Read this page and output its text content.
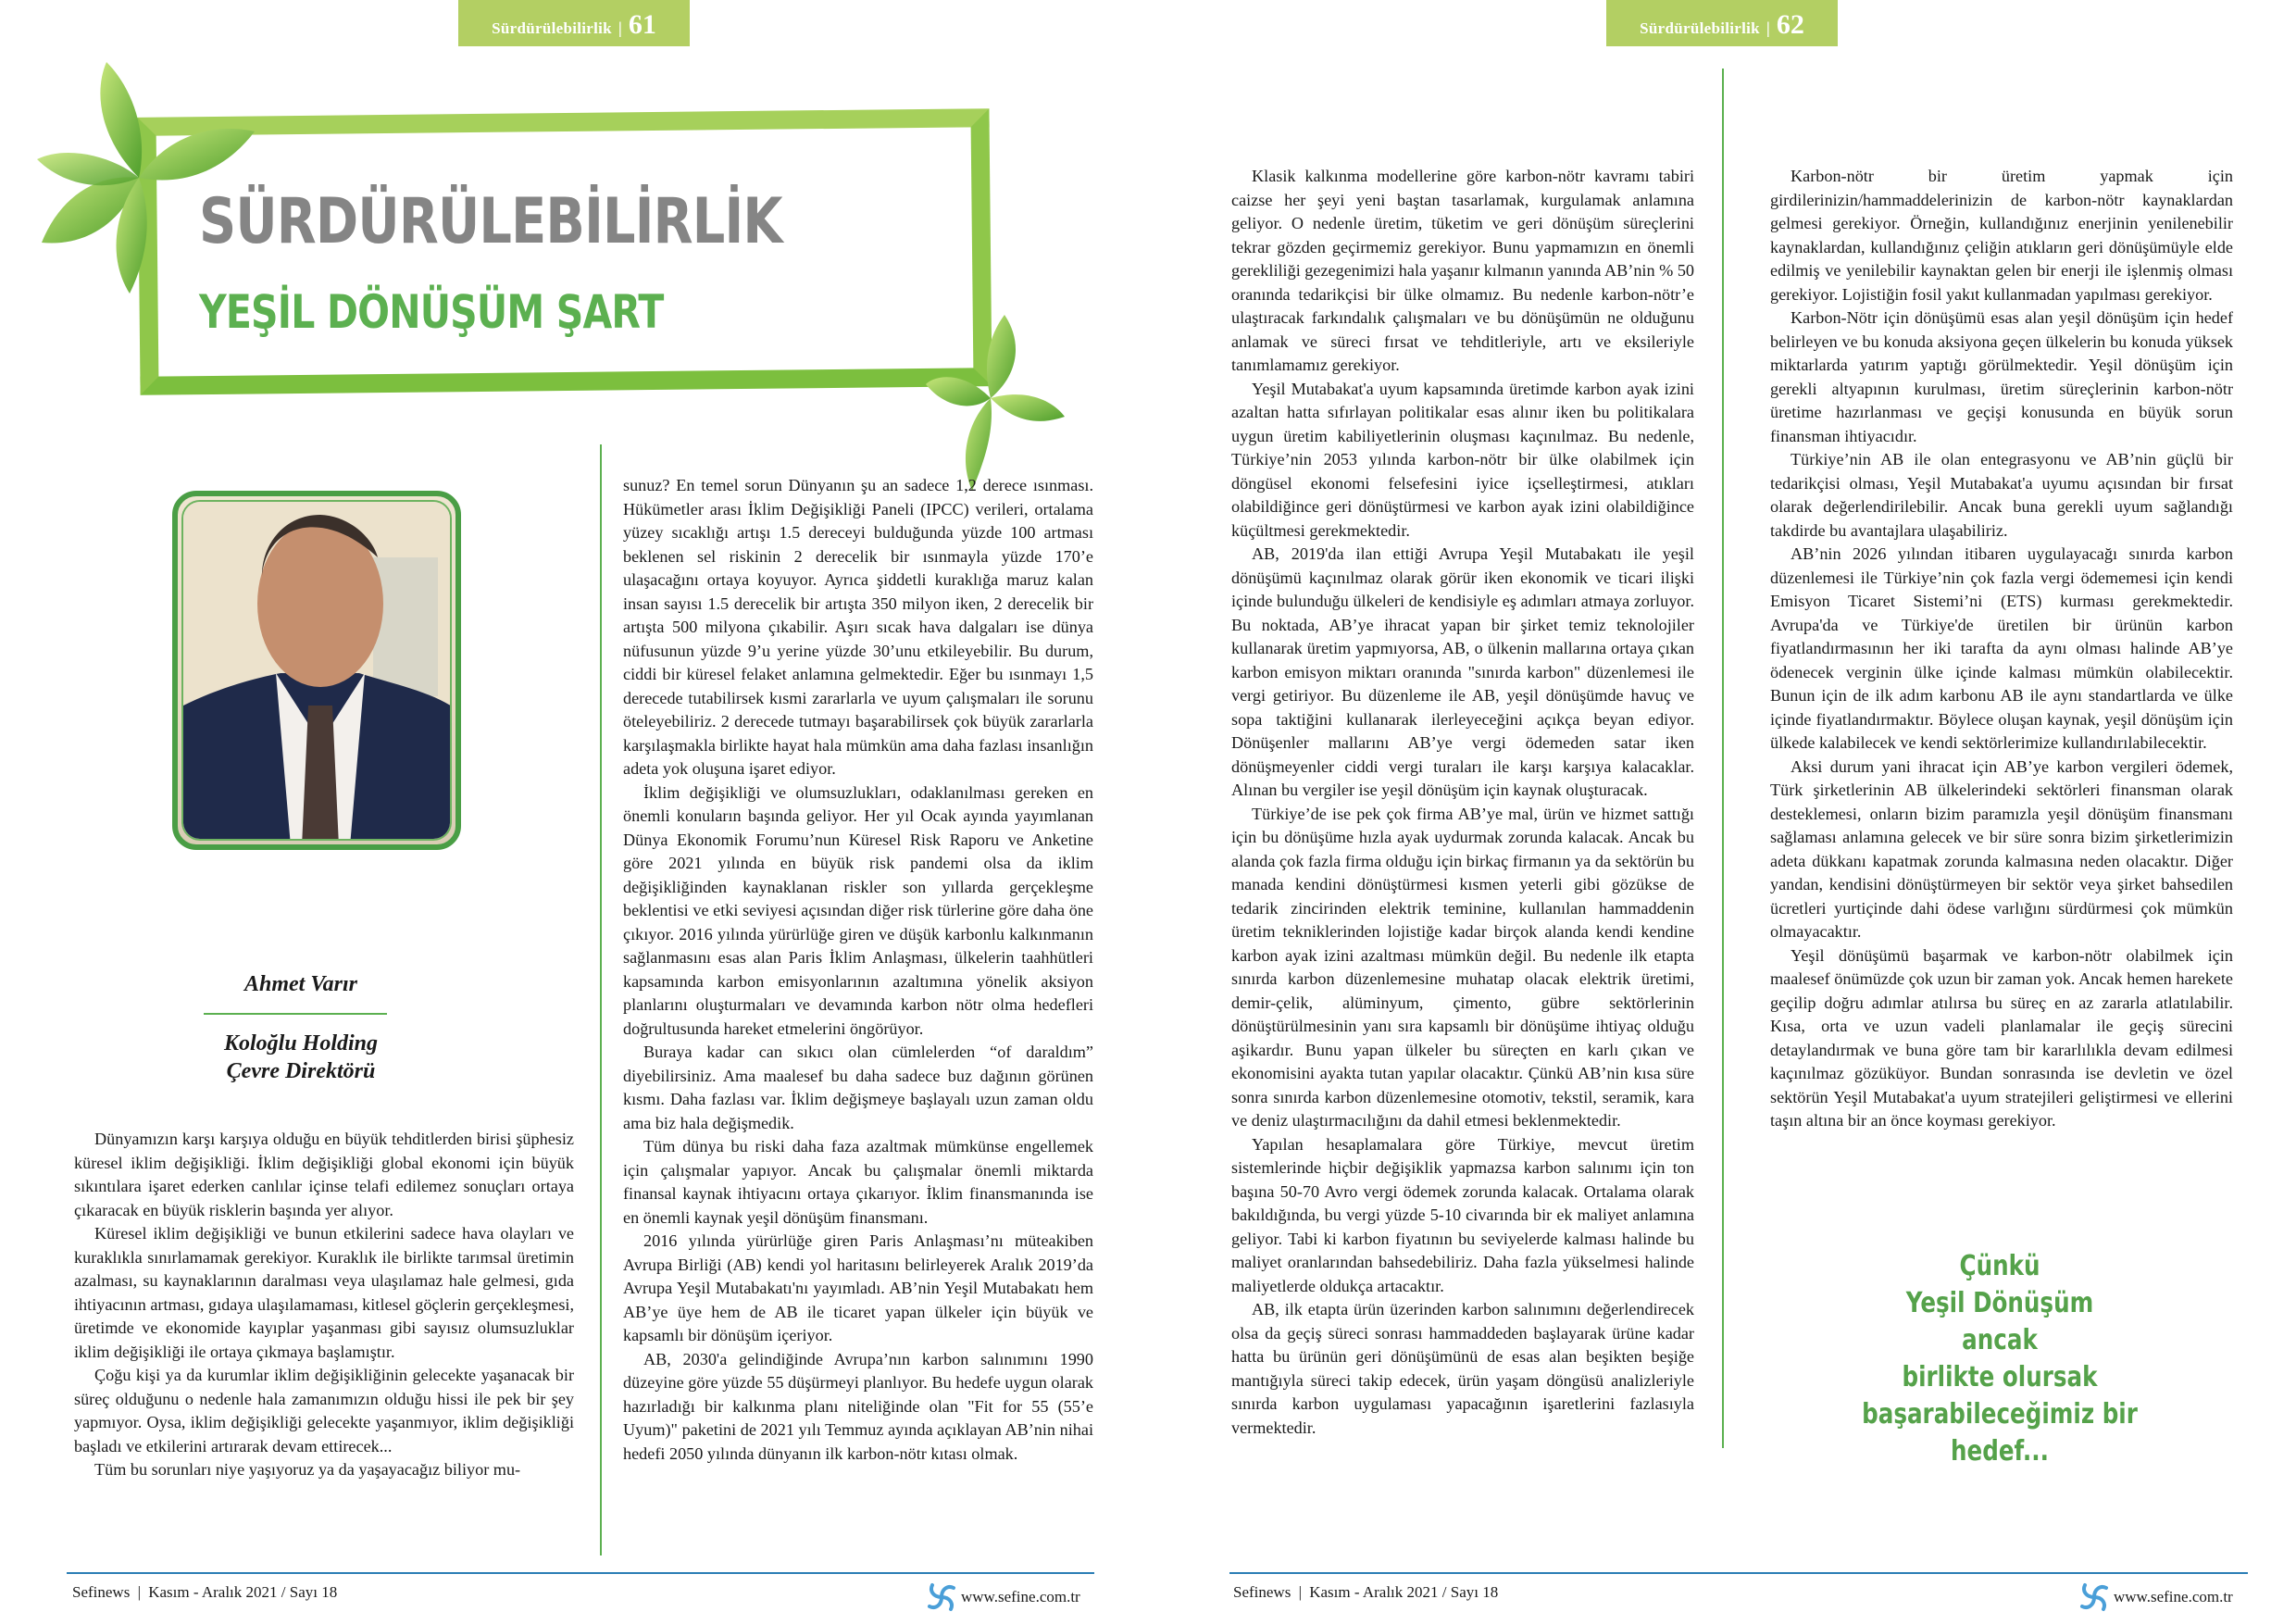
Sürdürülebilirlik | 61
SÜRDÜRÜLEBİLİRLİK
YEŞİL DÖNÜŞÜM ŞART
Ahmet Varır
Koloğlu Holding
Çevre Direktörü

Dünyamızın karşı karşıya olduğu en büyük tehditlerden birisi şüphesiz küresel iklim değişikliği. İklim değişikliği global ekonomi için büyük sıkıntılara işaret ederken canlılar içinse telafi edilemez sonuçları ortaya çıkaracak en büyük risklerin başında yer alıyor.

Küresel iklim değişikliği ve bunun etkilerini sadece hava olayları ve kuraklıkla sınırlamamak gerekiyor. Kuraklık ile birlikte tarımsal üretimin azalması, su kaynaklarının daralması veya ulaşılamaz hale gelmesi, gıda ihtiyacının artması, gıdaya ulaşılamaması, kitlesel göçlerin gerçekleşmesi, üretimde ve ekonomide kayıplar yaşanması gibi sayısız olumsuzluklar iklim değişikliği ile ortaya çıkmaya başlamıştır.

Çoğu kişi ya da kurumlar iklim değişikliğinin gelecekte yaşanacak bir süreç olduğunu o nedenle hala zamanımızın olduğu hissi ile pek bir şey yapmıyor. Oysa, iklim değişikliği gelecekte yaşanmıyor, iklim değişikliği başladı ve etkilerini artırarak devam ettirecek...

Tüm bu sorunları niye yaşıyoruz ya da yaşayacağız biliyor mu-

sunuz? En temel sorun Dünyanın şu an sadece 1,2 derece ısınması. Hükümetler arası İklim Değişikliği Paneli (IPCC) verileri, ortalama yüzey sıcaklığı artışı 1.5 dereceyi bulduğunda yüzde 100 artması beklenen sel riskinin 2 derecelik bir ısınmayla yüzde 170’e ulaşacağını ortaya koyuyor. Ayrıca şiddetli kuraklığa maruz kalan insan sayısı 1.5 derecelik bir artışta 350 milyon iken, 2 derecelik bir artışta 500 milyona çıkabilir. Aşırı sıcak hava dalgaları ise dünya nüfusunun yüzde 9’u yerine yüzde 30’unu etkileyebilir. Bu durum, ciddi bir küresel felaket anlamına gelmektedir. Eğer bu ısınmayı 1,5 derecede tutabilirsek kısmi zararlarla ve uyum çalışmaları ile sorunu öteleyebiliriz. 2 derecede tutmayı başarabilirsek çok büyük zararlarla karşılaşmakla birlikte hayat hala mümkün ama daha fazlası insanlığın adeta yok oluşuna işaret ediyor.

İklim değişikliği ve olumsuzlukları, odaklanılması gereken en önemli konuların başında geliyor. Her yıl Ocak ayında yayımlanan Dünya Ekonomik Forumu’nun Küresel Risk Raporu ve Anketine göre 2021 yılında en büyük risk pandemi olsa da iklim değişikliğinden kaynaklanan riskler son yıllarda gerçekleşme beklentisi ve etki seviyesi açısından diğer risk türlerine göre daha öne çıkıyor. 2016 yılında yürürlüğe giren ve düşük karbonlu kalkınmanın sağlanmasını esas alan Paris İklim Anlaşması, ülkelerin taahhütleri kapsamında karbon emisyonlarının azaltımına yönelik aksiyon planlarını oluşturmaları ve devamında karbon nötr olma hedefleri doğrultusunda hareket etmelerini öngörüyor.

Buraya kadar can sıkıcı olan cümlelerden “of daraldım” diyebilirsiniz. Ama maalesef bu daha sadece buz dağının görünen kısmı. Daha fazlası var. İklim değişmeye başlayalı uzun zaman oldu ama biz hala değişmedik.

Tüm dünya bu riski daha faza azaltmak mümkünse engellemek için çalışmalar yapıyor. Ancak bu çalışmalar önemli miktarda finansal kaynak ihtiyacını ortaya çıkarıyor. İklim finansmanında ise en önemli kaynak yeşil dönüşüm finansmanı.

2016 yılında yürürlüğe giren Paris Anlaşması’nı müteakiben Avrupa Birliği (AB) kendi yol haritasını belirleyerek Aralık 2019’da Avrupa Yeşil Mutabakatı'nı yayımladı. AB’nin Yeşil Mutabakatı hem AB’ye üye hem de AB ile ticaret yapan ülkeler için büyük ve kapsamlı bir dönüşüm içeriyor.

AB, 2030'a gelindiğinde Avrupa’nın karbon salınımını 1990 düzeyine göre yüzde 55 düşürmeyi planlıyor. Bu hedefe uygun olarak hazırladığı bir kalkınma planı niteliğinde olan "Fit for 55 (55’e Uyum)" paketini de 2021 yılı Temmuz ayında açıklayan AB’nin nihai hedefi 2050 yılında dünyanın ilk karbon-nötr kıtası olmak.

Sefinews | Kasım - Aralık 2021 / Sayı 18	www.sefine.com.tr
Sürdürülebilirlik | 62

Klasik kalkınma modellerine göre karbon-nötr kavramı tabiri caizse her şeyi yeni baştan tasarlamak, kurgulamak anlamına geliyor. O nedenle üretim, tüketim ve geri dönüşüm süreçlerini tekrar gözden geçirmemiz gerekiyor. Bunu yapmamızın en önemli gerekliliği gezegenimizi hala yaşanır kılmanın yanında AB’nin % 50 oranında tedarikçisi bir ülke olmamız. Bu nedenle karbon-nötr’e ulaştıracak farkındalık çalışmaları ve bu dönüşümün ne olduğunu anlamak ve süreci fırsat ve tehditleriyle, artı ve eksileriyle tanımlamamız gerekiyor.

Yeşil Mutabakat'a uyum kapsamında üretimde karbon ayak izini azaltan hatta sıfırlayan politikalar esas alınır iken bu politikalara uygun üretim kabiliyetlerinin oluşması kaçınılmaz. Bu nedenle, Türkiye’nin 2053 yılında karbon-nötr bir ülke olabilmek için döngüsel ekonomi felsefesini iyice içselleştirmesi, atıkları olabildiğince geri dönüştürmesi ve karbon ayak izini olabildiğince küçültmesi gerekmektedir.

AB, 2019'da ilan ettiği Avrupa Yeşil Mutabakatı ile yeşil dönüşümü kaçınılmaz olarak görür iken ekonomik ve ticari ilişki içinde bulunduğu ülkeleri de kendisiyle eş adımları atmaya zorluyor. Bu noktada, AB’ye ihracat yapan bir şirket temiz teknolojiler kullanarak üretim yapmıyorsa, AB, o ülkenin mallarına ortaya çıkan karbon emisyon miktarı oranında "sınırda karbon" düzenlemesi ile vergi getiriyor. Bu düzenleme ile AB, yeşil dönüşümde havuç ve sopa taktiğini kullanarak ilerleyeceğini açıkça beyan ediyor. Dönüşenler mallarını AB’ye vergi ödemeden satar iken dönüşmeyenler ciddi vergi turaları ile karşı karşıya kalacaklar. Alınan bu vergiler ise yeşil dönüşüm için kaynak oluşturacak.

Türkiye’de ise pek çok firma AB’ye mal, ürün ve hizmet sattığı için bu dönüşüme hızla ayak uydurmak zorunda kalacak. Ancak bu alanda çok fazla firma olduğu için birkaç firmanın ya da sektörün bu manada kendini dönüştürmesi kısmen yeterli gibi gözükse de tedarik zincirinden elektrik teminine, kullanılan hammaddenin üretim tekniklerinden lojistiğe kadar birçok alanda kendi kendine karbon ayak izini azaltması mümkün değil. Bu nedenle ilk etapta sınırda karbon düzenlemesine muhatap olacak elektrik üretimi, demir-çelik, alüminyum, çimento, gübre sektörlerinin dönüştürülmesinin yanı sıra kapsamlı bir dönüşüme ihtiyaç olduğu aşikardır. Bunu yapan ülkeler bu süreçten en karlı çıkan ve ekonomisini ayakta tutan yapılar olacaktır. Çünkü AB’nin kısa süre sonra sınırda karbon düzenlemesine otomotiv, tekstil, seramik, kara ve deniz ulaştırmacılığını da dahil etmesi beklenmektedir.

Yapılan hesaplamalara göre Türkiye, mevcut üretim sistemlerinde hiçbir değişiklik yapmazsa karbon salınımı için ton başına 50-70 Avro vergi ödemek zorunda kalacak. Ortalama olarak bakıldığında, bu vergi yüzde 5-10 civarında bir ek maliyet anlamına geliyor. Tabi ki karbon fiyatının bu seviyelerde kalması halinde bu maliyet oranlarından bahsedebiliriz. Daha fazla yükselmesi halinde maliyetlerde oldukça artacaktır.

AB, ilk etapta ürün üzerinden karbon salınımını değerlendirecek olsa da geçiş süreci sonrası hammaddeden başlayarak ürüne kadar hatta bu ürünün geri dönüşümünü de esas alan beşikten beşiğe mantığıyla süreci takip edecek, ürün yaşam döngüsü analizleriyle sınırda karbon uygulaması yapacağının işaretlerini fazlasıyla vermektedir.

Karbon-nötr bir üretim yapmak için girdilerinizin/hammaddelerinizin de karbon-nötr kaynaklardan gelmesi gerekiyor. Örneğin, kullandığınız enerjinin yenilenebilir kaynaklardan, kullandığınız çeliğin atıkların geri dönüşümüyle elde edilmiş ve yenilebilir kaynaktan gelen bir enerji ile işlenmiş olması gerekiyor. Lojistiğin fosil yakıt kullanmadan yapılması gerekiyor.

Karbon-Nötr için dönüşümü esas alan yeşil dönüşüm için hedef belirleyen ve bu konuda aksiyona geçen ülkelerin bu konuda yüksek miktarlarda yatırım yaptığı görülmektedir. Yeşil dönüşüm için gerekli altyapının kurulması, üretim süreçlerinin karbon-nötr üretime hazırlanması ve geçişi konusunda en büyük sorun finansman ihtiyacıdır.

Türkiye’nin AB ile olan entegrasyonu ve AB’nin güçlü bir tedarikçisi olması, Yeşil Mutabakat'a uyumu açısından bir fırsat olarak değerlendirilebilir. Ancak buna gerekli uyum sağlandığı takdirde bu avantajlara ulaşabiliriz.

AB’nin 2026 yılından itibaren uygulayacağı sınırda karbon düzenlemesi ile Türkiye’nin çok fazla vergi ödememesi için kendi Emisyon Ticaret Sistemi’ni (ETS) kurması gerekmektedir. Avrupa'da ve Türkiye'de üretilen bir ürünün karbon fiyatlandırmasının her iki tarafta da aynı olması halinde AB’ye ödenecek verginin ülke içinde kalması mümkün olabilecektir. Bunun için de ilk adım karbonu AB ile aynı standartlarda ve ülke içinde fiyatlandırmaktır. Böylece oluşan kaynak, yeşil dönüşüm için ülkede kalabilecek ve kendi sektörlerimize kullandırılabilecektir.

Aksi durum yani ihracat için AB’ye karbon vergileri ödemek, Türk şirketlerinin AB ülkelerindeki sektörleri finansman olarak desteklemesi, onların bizim paramızla yeşil dönüşüm finansmanı sağlaması anlamına gelecek ve bir süre sonra bizim şirketlerimizin adeta dükkanı kapatmak zorunda kalmasına neden olacaktır. Diğer yandan, kendisini dönüştürmeyen bir sektör veya şirket bahsedilen ücretleri yurtiçinde dahi ödese varlığını sürdürmesi çok mümkün olmayacaktır.

Yeşil dönüşümü başarmak ve karbon-nötr olabilmek için maalesef önümüzde çok uzun bir zaman yok. Ancak hemen harekete geçilip doğru adımlar atılırsa bu süreç en az zararla atlatılabilir. Kısa, orta ve uzun vadeli planlamalar ile geçiş sürecini detaylandırmak ve buna göre tam bir kararlılıkla devam edilmesi kaçınılmaz gözüküyor. Bundan sonrasında ise devletin ve özel sektörün Yeşil Mutabakat'a uyum stratejileri geliştirmesi ve ellerini taşın altına bir an önce koyması gerekiyor.

Çünkü
Yeşil Dönüşüm
ancak
birlikte olursak
başarabileceğimiz bir hedef...
Sefinews | Kasım - Aralık 2021 / Sayı 18	www.sefine.com.tr
